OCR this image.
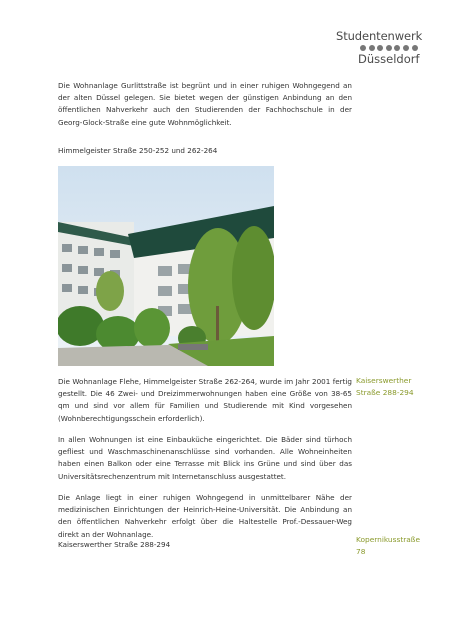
Studentenwerk
Düsseldorf

Die Wohnanlage Gurlittstraße ist begrünt und in einer ruhigen Wohngegend an der alten Düssel gelegen. Sie bietet wegen der günstigen Anbindung an den öffentlichen Nahverkehr auch den Studierenden der Fachhochschule in der Georg-Glock-Straße eine gute Wohnmöglichkeit.

Himmelgeister Straße 250-252 und 262-264

Die Wohnanlage Flehe, Himmelgeister Straße 262-264, wurde im Jahr 2001 fertig gestellt. Die 46 Zwei- und Dreizimmerwohnungen haben eine Größe von 38-65 qm und sind vor allem für Familien und Studierende mit Kind vorgesehen (Wohnberechtigungsschein erforderlich).

In allen Wohnungen ist eine Einbauküche eingerichtet. Die Bäder sind türhoch gefliest und Waschmaschinenanschlüsse sind vorhanden. Alle Wohneinheiten haben einen Balkon oder eine Terrasse mit Blick ins Grüne und sind über das Universitätsrechenzentrum mit Internetanschluss ausgestattet.

Die Anlage liegt in einer ruhigen Wohngegend in unmittelbarer Nähe der medizinischen Einrichtungen der Heinrich-Heine-Universität. Die Anbindung an den öffentlichen Nahverkehr erfolgt über die Haltestelle Prof.-Dessauer-Weg direkt an der Wohnanlage.

Kaiserswerther Straße 288-294
Kaiserswerther Straße 288-294
Kopernikusstraße 78
